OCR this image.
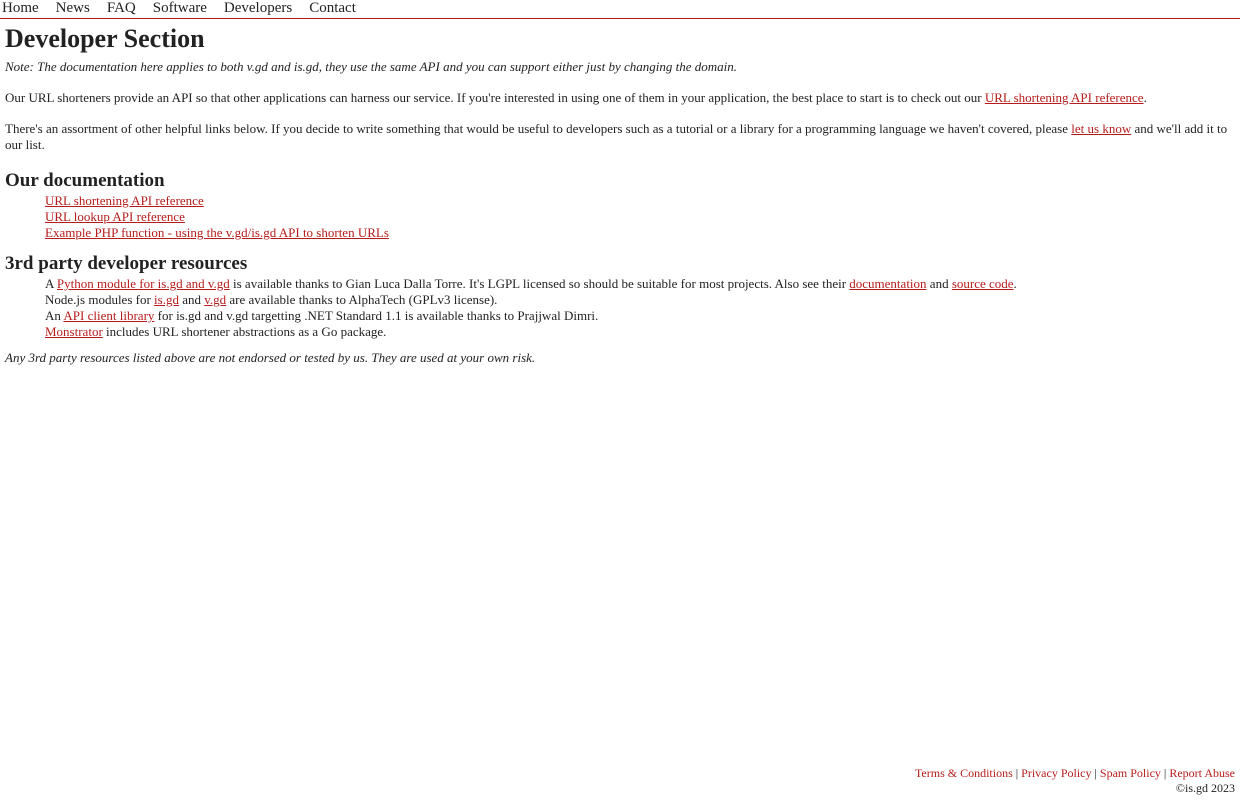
Home News FAQ Software Developers Contact
Developer Section

Note: The documentation here applies to both v.gd and is.gd, they use the same API and you can support either just by changing the domain.

Our URL shorteners provide an API so that other applications can harness our service. If you're interested in using one of them in your application, the best place to start is to check out our URL shortening API reference.

There's an assortment of other helpful links below. If you decide to write something that would be useful to developers such as a tutorial or a library for a programming language we haven't covered, please let us know and we'll add it to our list.

Our documentation
URL shortening API reference
URL lookup API reference
Example PHP function - using the v.gd/is.gd API to shorten URLs
3rd party developer resources
A Python module for is.gd and v.gd is available thanks to Gian Luca Dalla Torre. It's LGPL licensed so should be suitable for most projects. Also see their documentation and source code.
Node.js modules for is.gd and v.gd are available thanks to AlphaTech (GPLv3 license).
An API client library for is.gd and v.gd targetting .NET Standard 1.1 is available thanks to Prajjwal Dimri.
Monstrator includes URL shortener abstractions as a Go package.

Any 3rd party resources listed above are not endorsed or tested by us. They are used at your own risk.

Terms & Conditions | Privacy Policy | Spam Policy | Report Abuse
©is.gd 2023
